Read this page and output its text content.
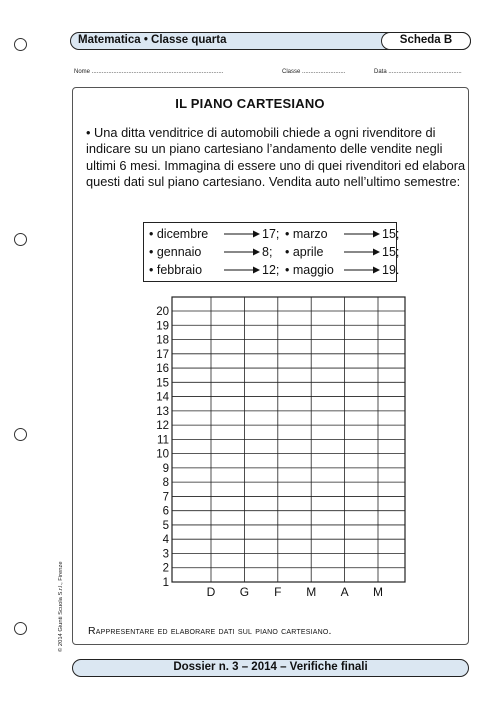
Matematica • Classe quarta	Scheda B
Nome ...............................................................................	Classe ..........................	Data ............................................
IL PIANO CARTESIANO
• Una ditta venditrice di automobili chiede a ogni rivenditore di indicare su un piano cartesiano l’andamento delle vendite negli ultimi 6 mesi. Immagina di essere uno di quei rivenditori ed elabora questi dati sul piano cartesiano. Vendita auto nell’ultimo semestre:
• dicembre	17;
• gennaio	8;
• febbraio	12;
• marzo	15;
• aprile	15;
• maggio	19.
1
2
3
4
5
6
7
8
9
10
11
12
13
14
15
16
17
18
19
20
D G F M A M
Rappresentare ed elaborare dati sul piano cartesiano.
© 2014 Giunti Scuola S.r.l., Firenze
Dossier n. 3 – 2014 – Verifiche finali
